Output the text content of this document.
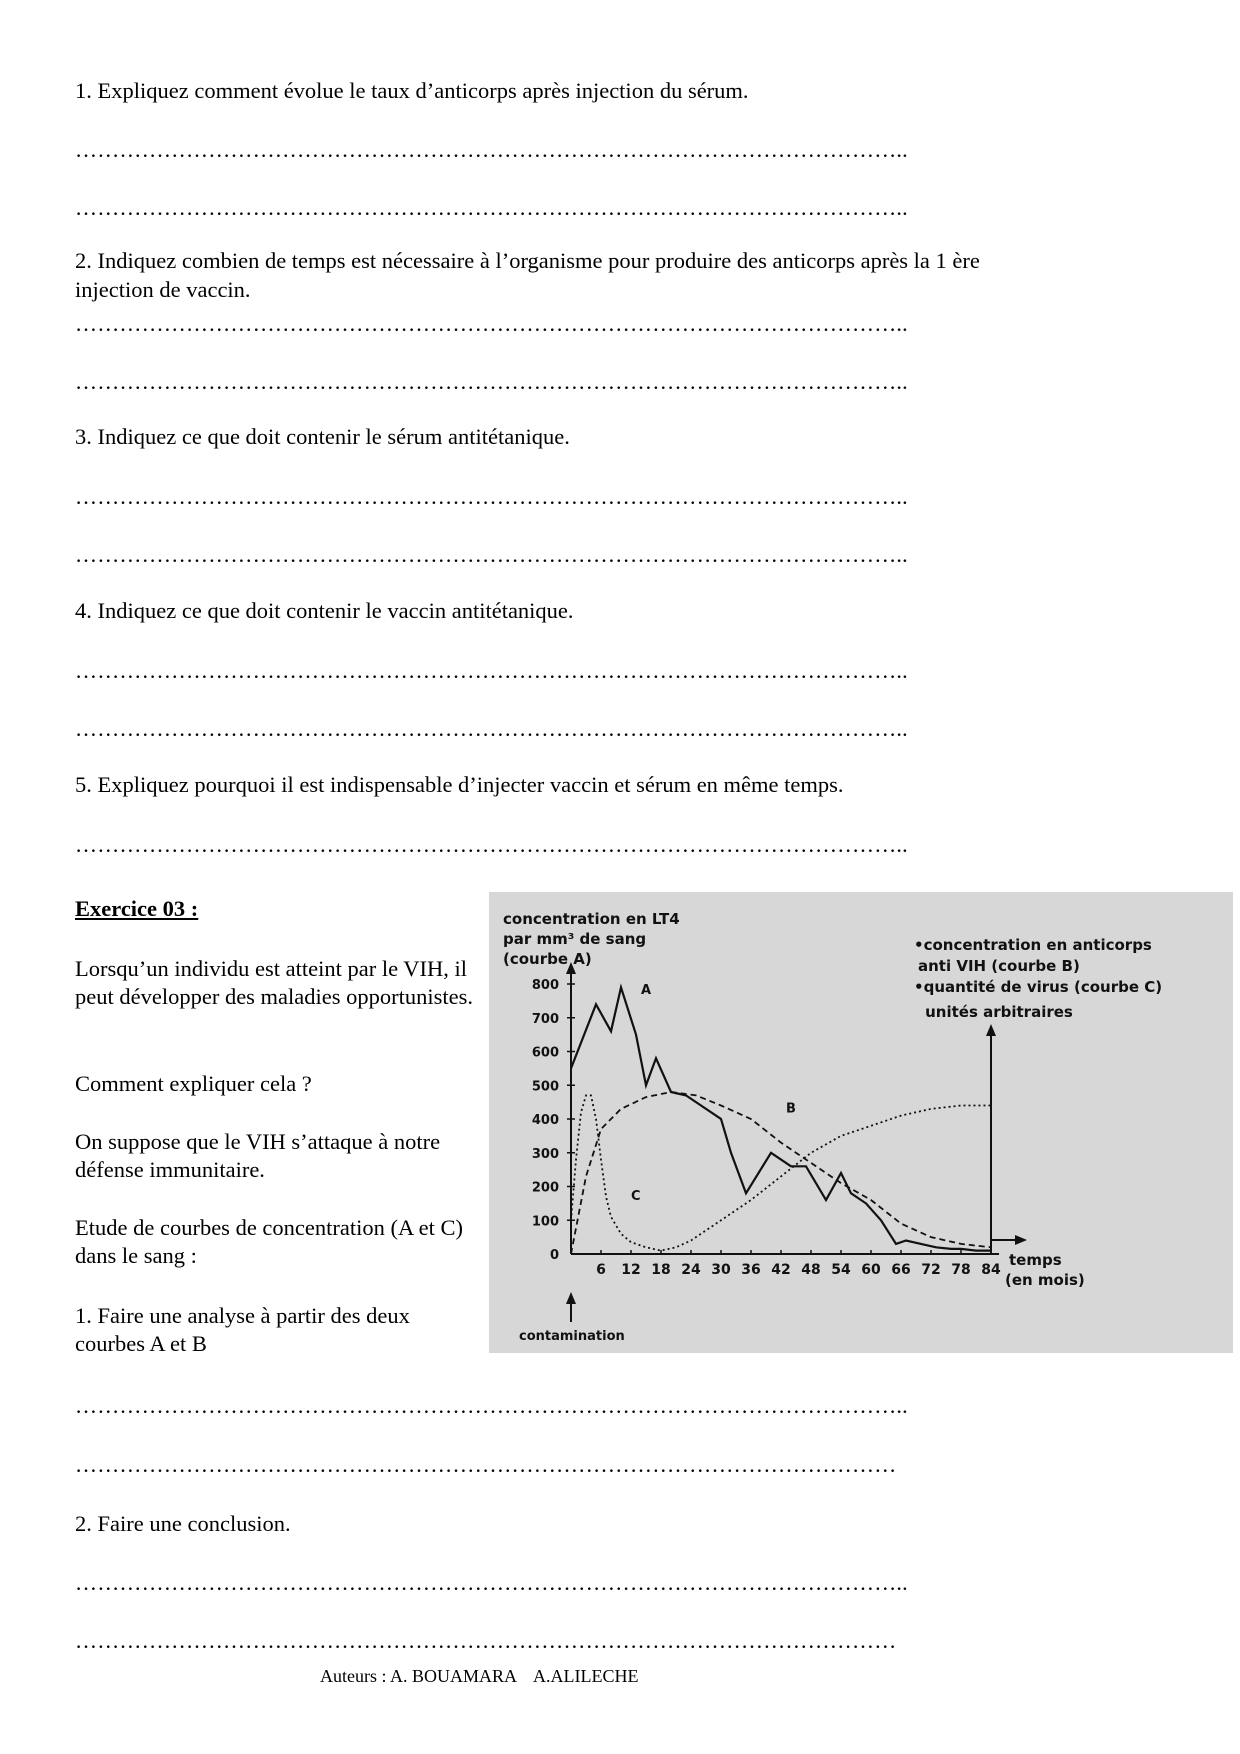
1. Expliquez comment évolue le taux d’anticorps après injection du sérum.
…………………………………………………………………………………………………..
…………………………………………………………………………………………………..
2. Indiquez combien de temps est nécessaire à l’organisme pour produire des anticorps après la 1 ère
injection de vaccin.
…………………………………………………………………………………………………..
…………………………………………………………………………………………………..
3. Indiquez ce que doit contenir le sérum antitétanique.
…………………………………………………………………………………………………..
…………………………………………………………………………………………………..
4. Indiquez ce que doit contenir le vaccin antitétanique.
…………………………………………………………………………………………………..
…………………………………………………………………………………………………..
5. Expliquez pourquoi il est indispensable d’injecter vaccin et sérum en même temps.
…………………………………………………………………………………………………..
Exercice 03 :
Lorsqu’un individu est atteint par le VIH, il peut développer des maladies opportunistes.
Comment expliquer cela ?
On suppose que le VIH s’attaque à notre défense immunitaire.
Etude de courbes de concentration (A et C) dans le sang :
1. Faire une analyse à partir des deux courbes A et B
0
100
200
300
400
500
600
700
800
6 12 18 24 30 36 42 48 54 60 66 72 78 84
A
B
C
concentration en LT4
par mm³ de sang
(courbe A)
•concentration en anticorps
anti VIH (courbe B)
•quantité de virus (courbe C)
unités arbitraires
temps
(en mois)
contamination
…………………………………………………………………………………………………..
…………………………………………………………………………………………………
2. Faire une conclusion.
…………………………………………………………………………………………………..
…………………………………………………………………………………………………
Auteurs : A. BOUAMARA    A.ALILECHE
